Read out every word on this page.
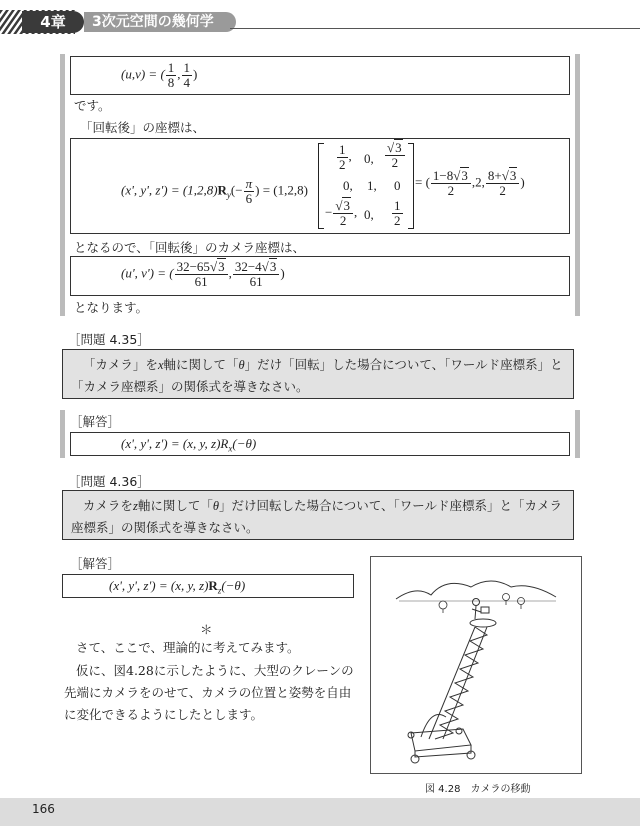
4章	3次元空間の幾何学
(u,v) = ( $\frac{1}{8}$ , $\frac{1}{4}$ )
です。
「回転後」の座標は、
(x', y', $z') = (1,2,8)R_y(- \frac{\pi}{6}$ ) = (1,2,8)
$\frac{1}{2}$ , 0, $\frac{√3}{2}$
0, 1, 0
− $\frac{√3}{2}$ , 0, $\frac{1}{2}$
= ( $\frac{1-8√3}{2} ,2$, $\frac{8+√3}{2}$ )
となるので、「回転後」のカメラ座標は、
(u', v') = ( $\frac{32-65√3}{61}$ , $\frac{32-4√3}{61}$ )
となります。
［問題 4.35］
「カメラ」をx軸に関して「θ」だけ「回転」した場合について、「ワールド座標系」と「カメラ座標系」の関係式を導きなさい。
［解答］
(x', y', z') = (x, y, $z)R_x(-\theta)$
［問題 4.36］
カメラをz軸に関して「θ」だけ回転した場合について、「ワールド座標系」と「カメラ座標系」の関係式を導きなさい。
［解答］
(x', y', z') = (x, y, $z)R_z(-\theta)$
＊
さて、ここで、理論的に考えてみます。
仮に、図4.28に示したように、大型のクレーンの先端にカメラをのせて、カメラの位置と姿勢を自由に変化できるようにしたとします。
図 4.28　カメラの移動
166
